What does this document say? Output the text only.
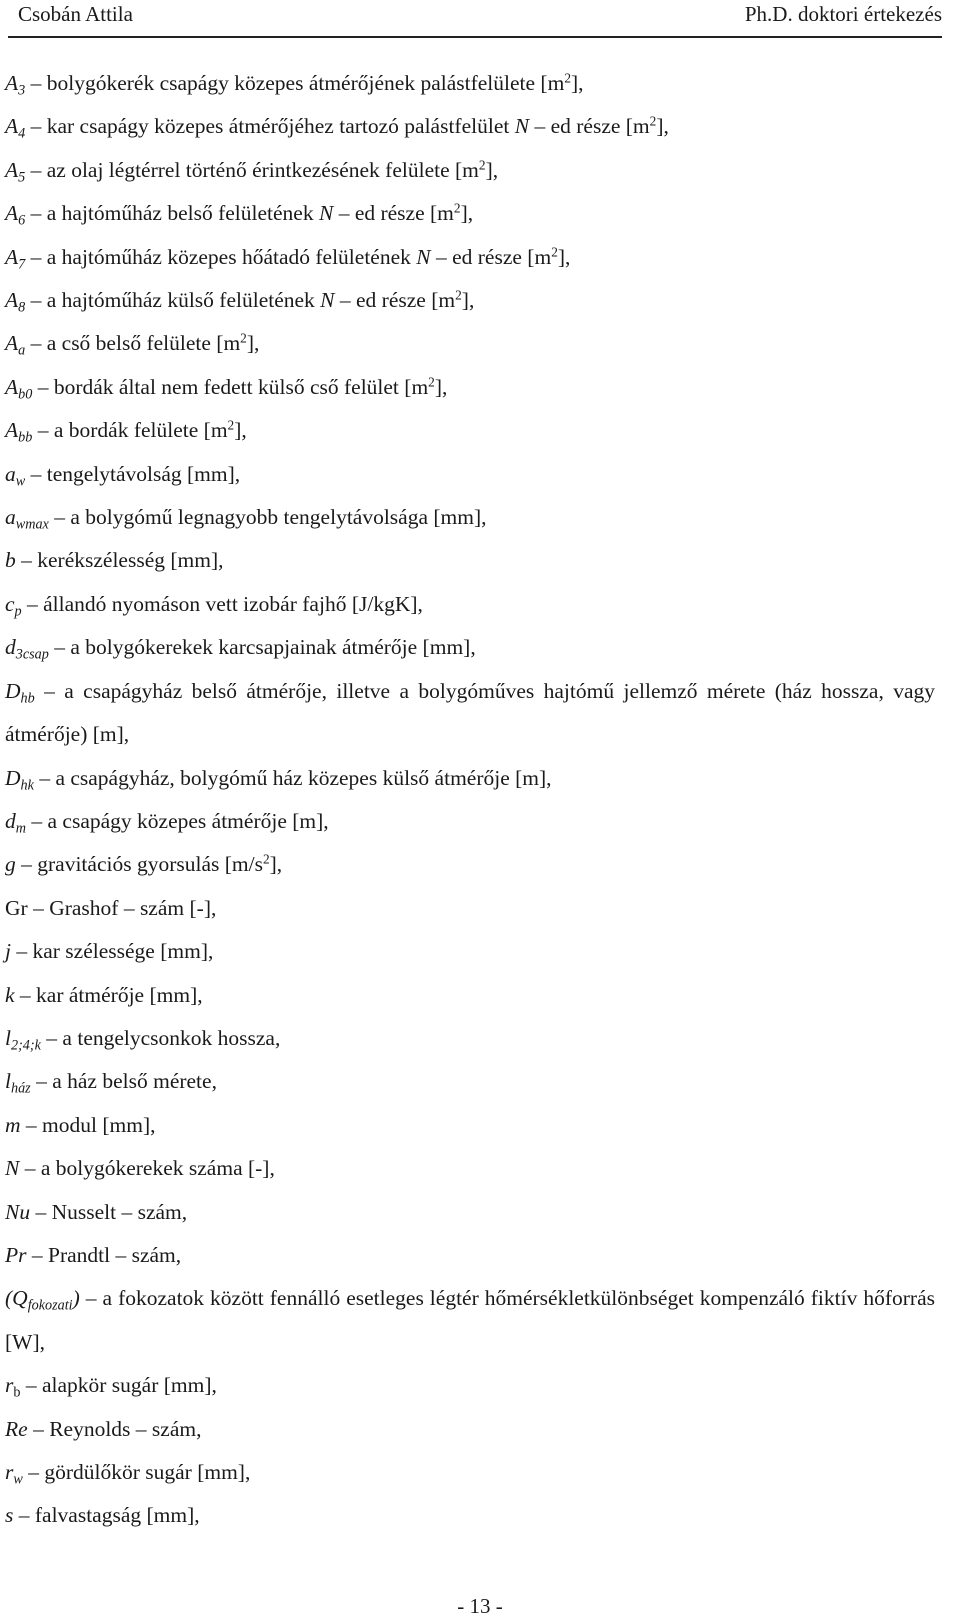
Csobán Attila	Ph.D. doktori értekezés
$A_3$ – bolygókerék csapágy közepes átmérőjének palástfelülete $[m^2]$,
$A_4$ – kar csapágy közepes átmérőjéhez tartozó palástfelület N – ed része $[m^2]$,
$A_5$ – az olaj légtérrel történő érintkezésének felülete $[m^2]$,
$A_6$ – a hajtóműház belső felületének N – ed része $[m^2]$,
$A_7$ – a hajtóműház közepes hőátadó felületének N – ed része $[m^2]$,
$A_8$ – a hajtóműház külső felületének N – ed része $[m^2]$,
$A_a$ – a cső belső felülete $[m^2]$,
$A_{b0}$ – bordák által nem fedett külső cső felület $[m^2]$,
$A_{bb}$ – a bordák felülete $[m^2]$,
$a_w$ – tengelytávolság [mm],
$a_{wmax}$ – a bolygómű legnagyobb tengelytávolsága [mm],
b – kerékszélesség [mm],
$c_p$ – állandó nyomáson vett izobár fajhő [J/kgK],
$d_{3csap}$ – a bolygókerekek karcsapjainak átmérője [mm],
$D_{hb}$ – a csapágyház belső átmérője, illetve a bolygóműves hajtómű jellemző mérete (ház hossza, vagy átmérője) [m],
$D_{hk}$ – a csapágyház, bolygómű ház közepes külső átmérője [m],
$d_m$ – a csapágy közepes átmérője [m],
g – gravitációs gyorsulás $[m/s^2]$,
Gr – Grashof – szám [-],
j – kar szélessége [mm],
k – kar átmérője [mm],
$l_{2;4;k}$ – a tengelycsonkok hossza,
$l_{ház}$ – a ház belső mérete,
m – modul [mm],
N – a bolygókerekek száma [-],
Nu – Nusselt – szám,
Pr – Prandtl – szám,
$(Q_{fokozati})$ – a fokozatok között fennálló esetleges légtér hőmérsékletkülönbséget kompenzáló fiktív hőforrás [W],
$r_b$ – alapkör sugár [mm],
Re – Reynolds – szám,
$r_w$ – gördülőkör sugár [mm],
s – falvastagság [mm],
- 13 -
